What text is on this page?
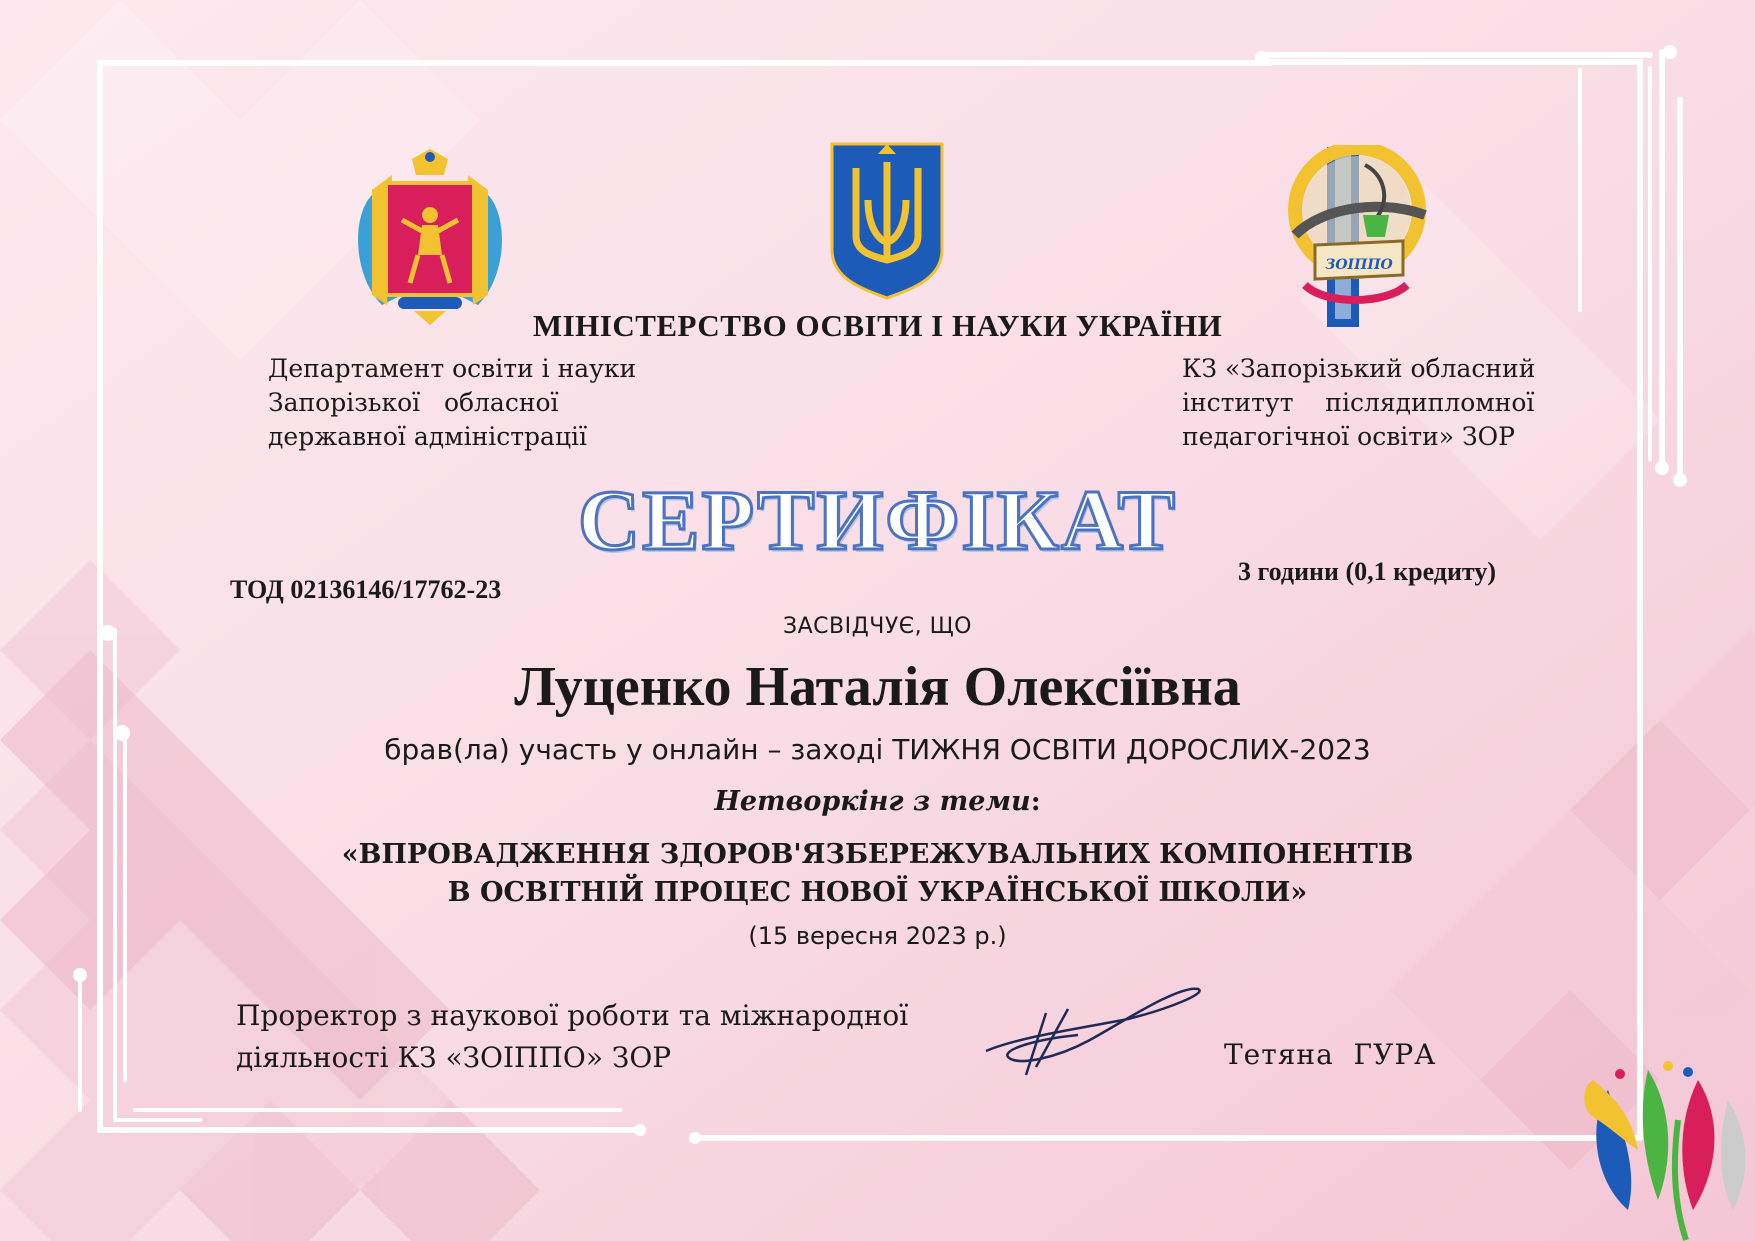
ЗОІППО
МІНІСТЕРСТВО ОСВІТИ І НАУКИ УКРАЇНИ
Департамент освіти і науки
Запорізької   обласної
державної адміністрації
КЗ «Запорізький обласний
інститут    післядипломної
педагогічної освіти» ЗОР
СЕРТИФІКАТ
ТОД 02136146/17762-23
3 години (0,1 кредиту)
ЗАСВІДЧУЄ, ЩО
Луценко Наталія Олексіївна
брав(ла) участь у онлайн – заході ТИЖНЯ ОСВІТИ ДОРОСЛИХ-2023
Нетворкінг з теми:
«ВПРОВАДЖЕННЯ ЗДОРОВ'ЯЗБЕРЕЖУВАЛЬНИХ КОМПОНЕНТІВ
В ОСВІТНІЙ ПРОЦЕС НОВОЇ УКРАЇНСЬКОЇ ШКОЛИ»
(15 вересня 2023 р.)
Проректор з наукової роботи та міжнародної
діяльності КЗ «ЗОІППО» ЗОР	Тетяна  ГУРА
